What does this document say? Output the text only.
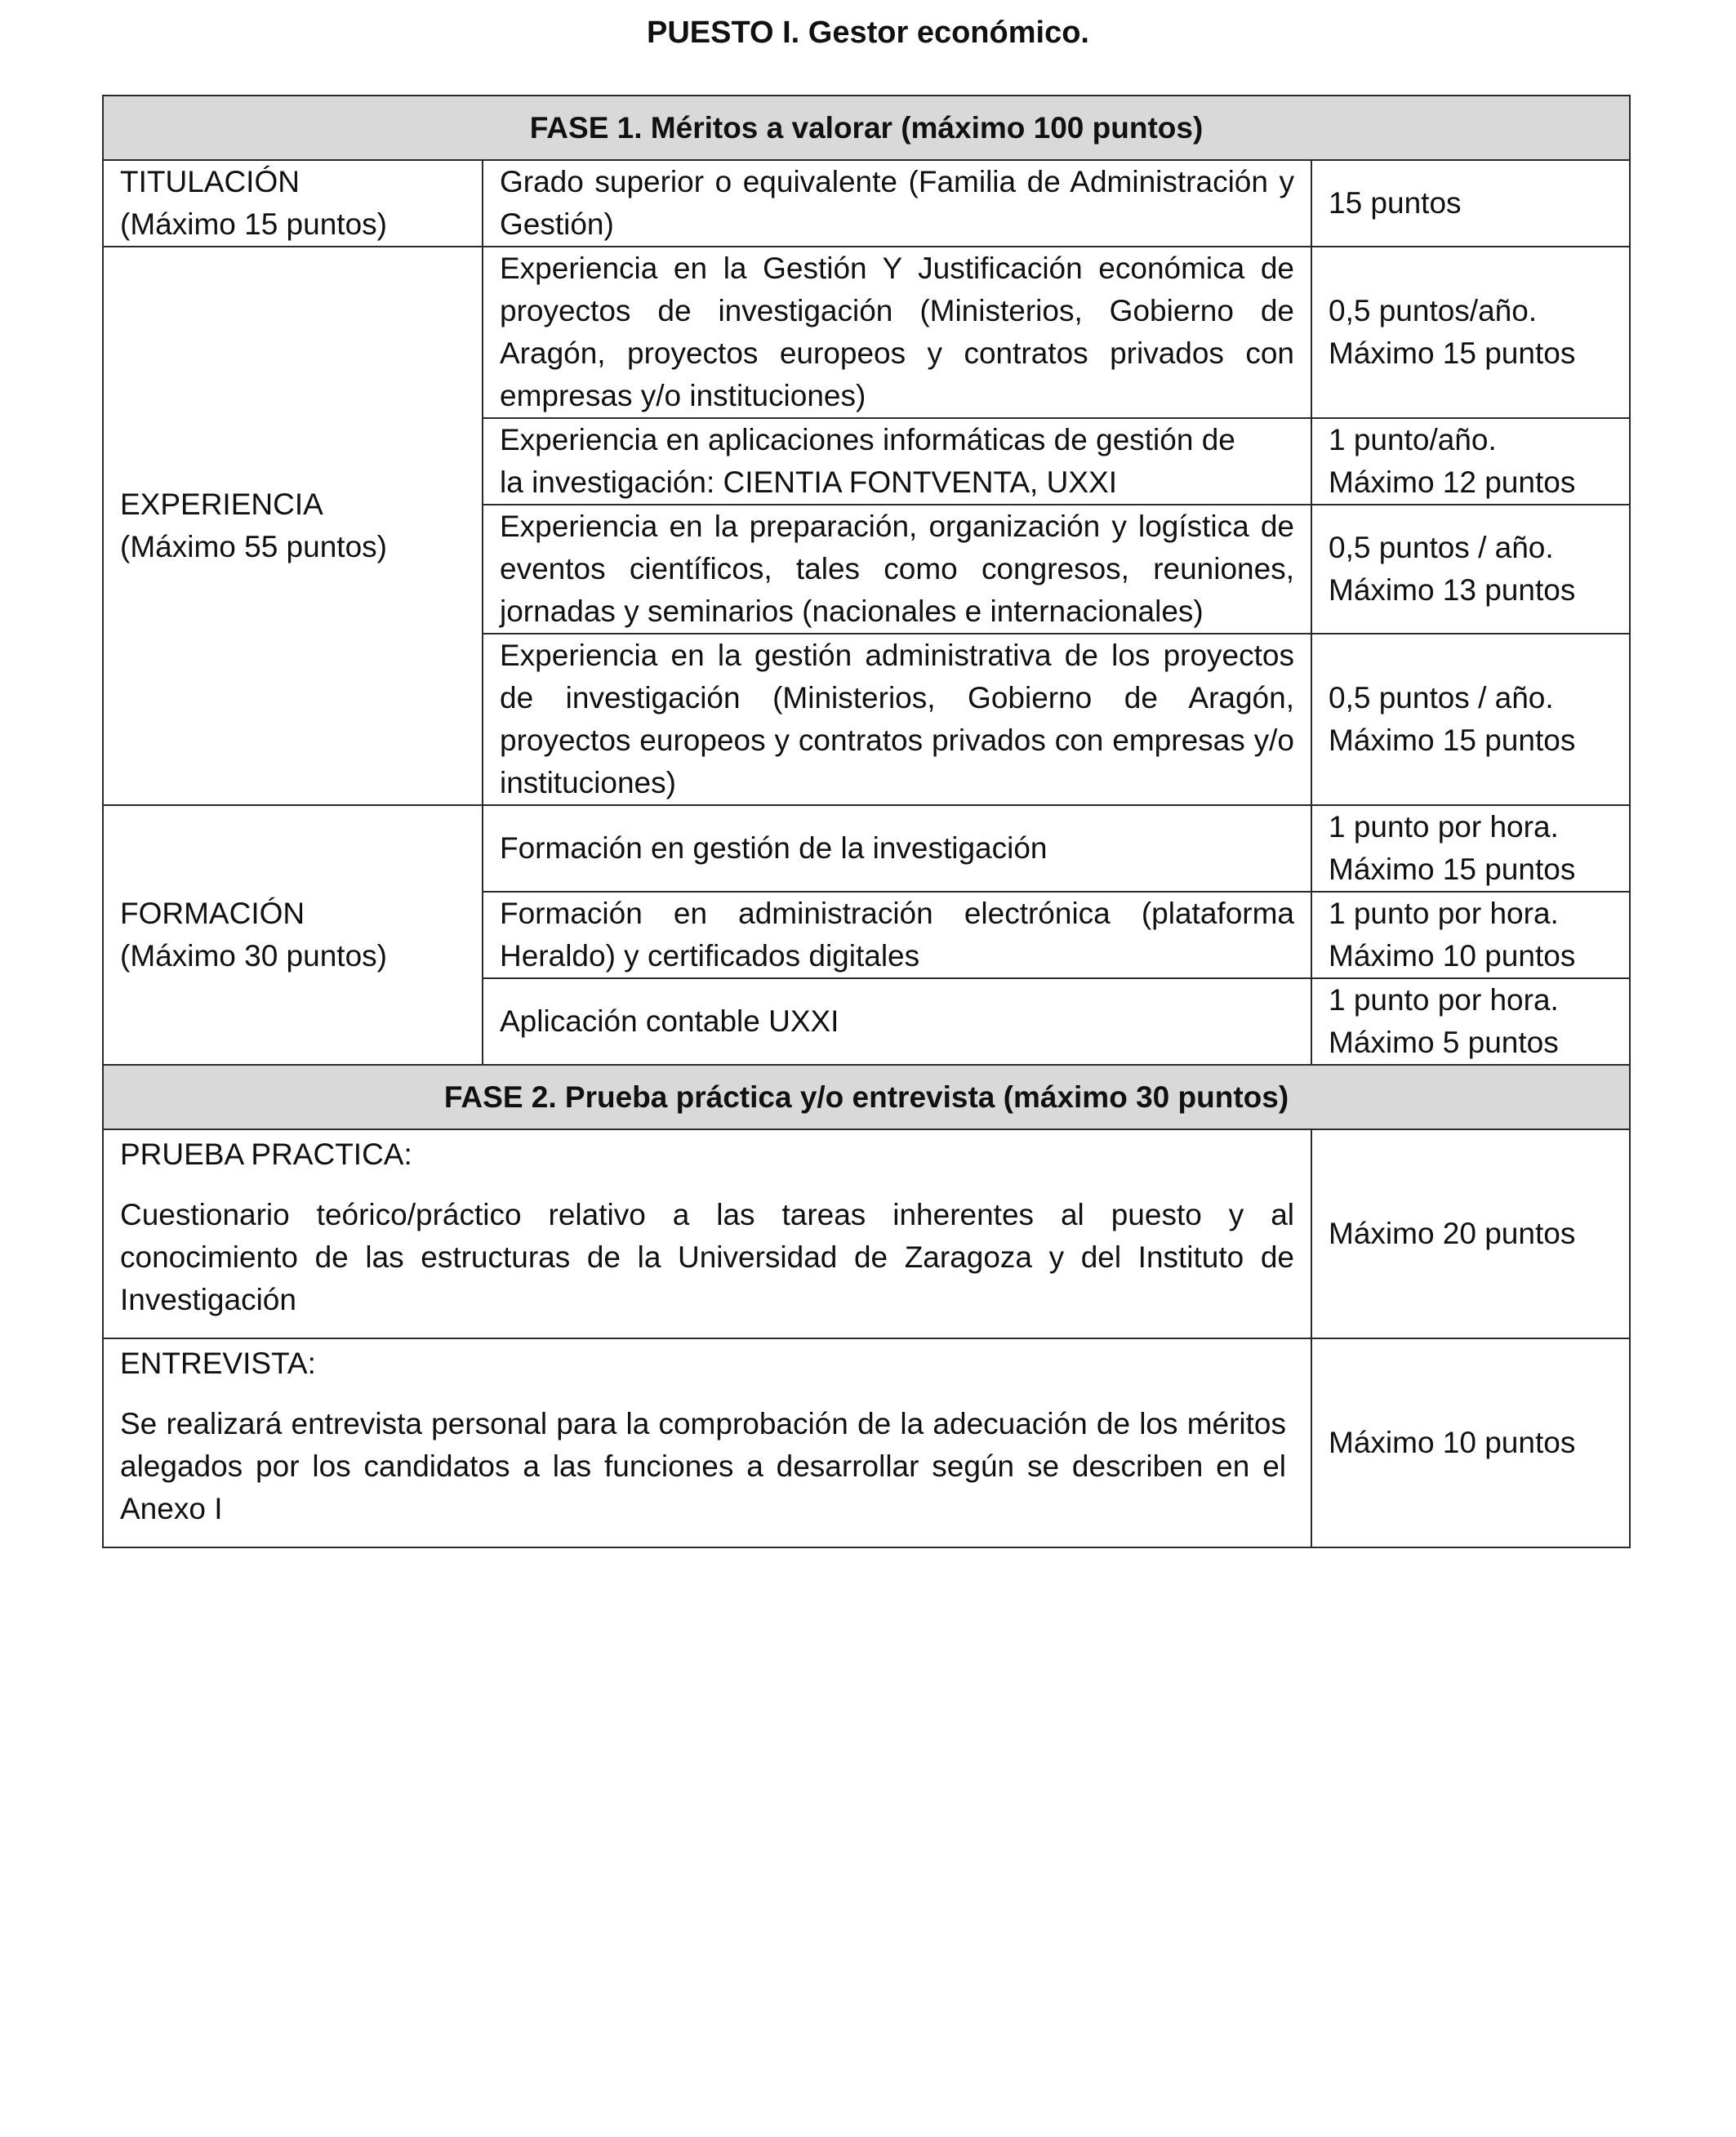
PUESTO I. Gestor económico.
FASE 1. Méritos a valorar (máximo 100 puntos)		

TITULACIÓN
(Máximo 15 puntos)	Grado superior o equivalente (Familia de Administración y Gestión)	15 puntos

EXPERIENCIA
(Máximo 55 puntos)	Experiencia en la Gestión Y Justificación económica de proyectos de investigación (Ministerios, Gobierno de Aragón, proyectos europeos y contratos privados con empresas y/o instituciones)	0,5 puntos/año.
Máximo 15 puntos

	Experiencia en aplicaciones informáticas de gestión de
la investigación: CIENTIA FONTVENTA, UXXI	1 punto/año.
Máximo 12 puntos

	Experiencia en la preparación, organización y logística de eventos científicos, tales como congresos, reuniones, jornadas y seminarios (nacionales e internacionales)	0,5 puntos / año.
Máximo 13 puntos

	Experiencia en la gestión administrativa de los proyectos de investigación (Ministerios, Gobierno de Aragón, proyectos europeos y contratos privados con empresas y/o instituciones)	0,5 puntos / año.
Máximo 15 puntos

FORMACIÓN
(Máximo 30 puntos)	Formación en gestión de la investigación	1 punto por hora.
Máximo 15 puntos

	Formación en administración electrónica (plataforma Heraldo) y certificados digitales	1 punto por hora.
Máximo 10 puntos

	Aplicación contable UXXI	1 punto por hora.
Máximo 5 puntos

FASE 2. Prueba práctica y/o entrevista (máximo 30 puntos)		

PRUEBA PRACTICA:

Cuestionario teórico/práctico relativo a las tareas inherentes al puesto y al conocimiento de las estructuras de la Universidad de Zaragoza y del Instituto de Investigación		Máximo 20 puntos

ENTREVISTA:

Se realizará entrevista personal para la comprobación de la adecuación de los méritos alegados por los candidatos a las funciones a desarrollar según se describen en el Anexo I		Máximo 10 puntos
